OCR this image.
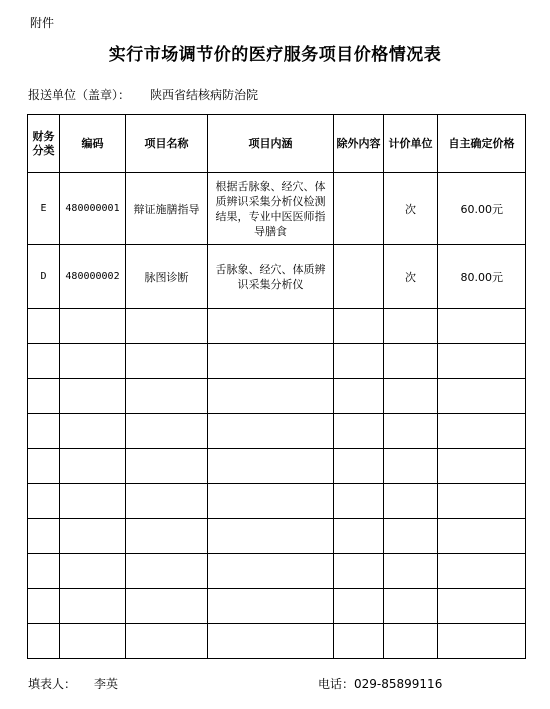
附件
实行市场调节价的医疗服务项目价格情况表
报送单位（盖章）： 陕西省结核病防治院
财务
分类	编码	项目名称	项目内涵	除外内容	计价单位	自主确定价格
E	480000001	辩证施膳指导	根据舌脉象、经穴、体质辨识采集分析仪检测结果，专业中医医师指导膳食		次	60.00元
D	480000002	脉图诊断	舌脉象、经穴、体质辨识采集分析仪		次	80.00元

填表人： 李英	电话：029-85899116
